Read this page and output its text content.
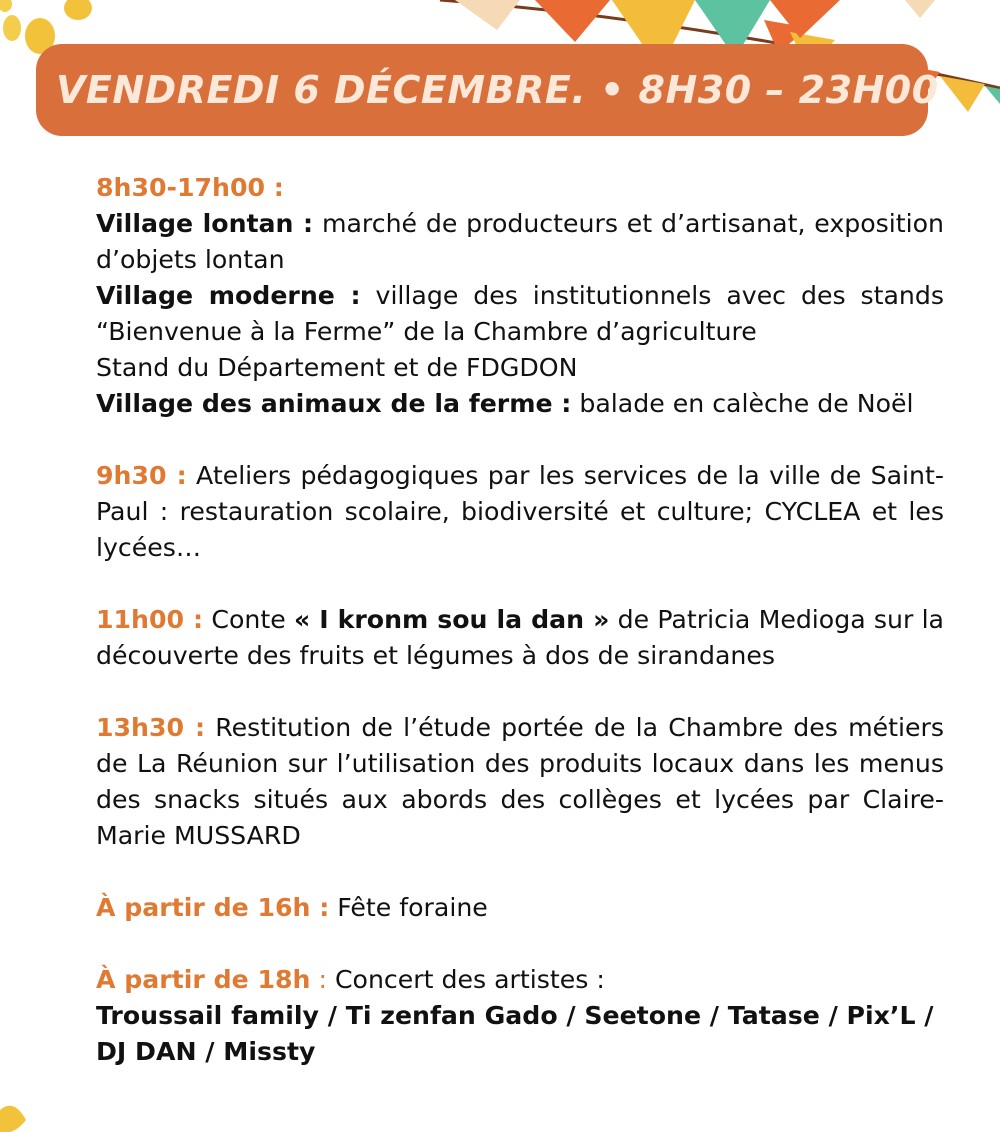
VENDREDI 6 DÉCEMBRE. • 8H30 – 23H00

8h30-17h00 :

Village lontan : marché de producteurs et d’artisanat, exposition d’objets lontan

Village moderne : village des institutionnels avec des stands “Bienvenue à la Ferme” de la Chambre d’agriculture

Stand du Département et de FDGDON

Village des animaux de la ferme : balade en calèche de Noël

9h30 : Ateliers pédagogiques par les services de la ville de Saint-Paul : restauration scolaire, biodiversité et culture; CYCLEA et les lycées…

11h00 : Conte « I kronm sou la dan » de Patricia Medioga sur la découverte des fruits et légumes à dos de sirandanes

13h30 : Restitution de l’étude portée de la Chambre des métiers de La Réunion sur l’utilisation des produits locaux dans les menus des snacks situés aux abords des collèges et lycées par Claire-Marie MUSSARD

À partir de 16h : Fête foraine

À partir de 18h : Concert des artistes :

Troussail family / Ti zenfan Gado / Seetone / Tatase / Pix’L / DJ DAN / Missty
